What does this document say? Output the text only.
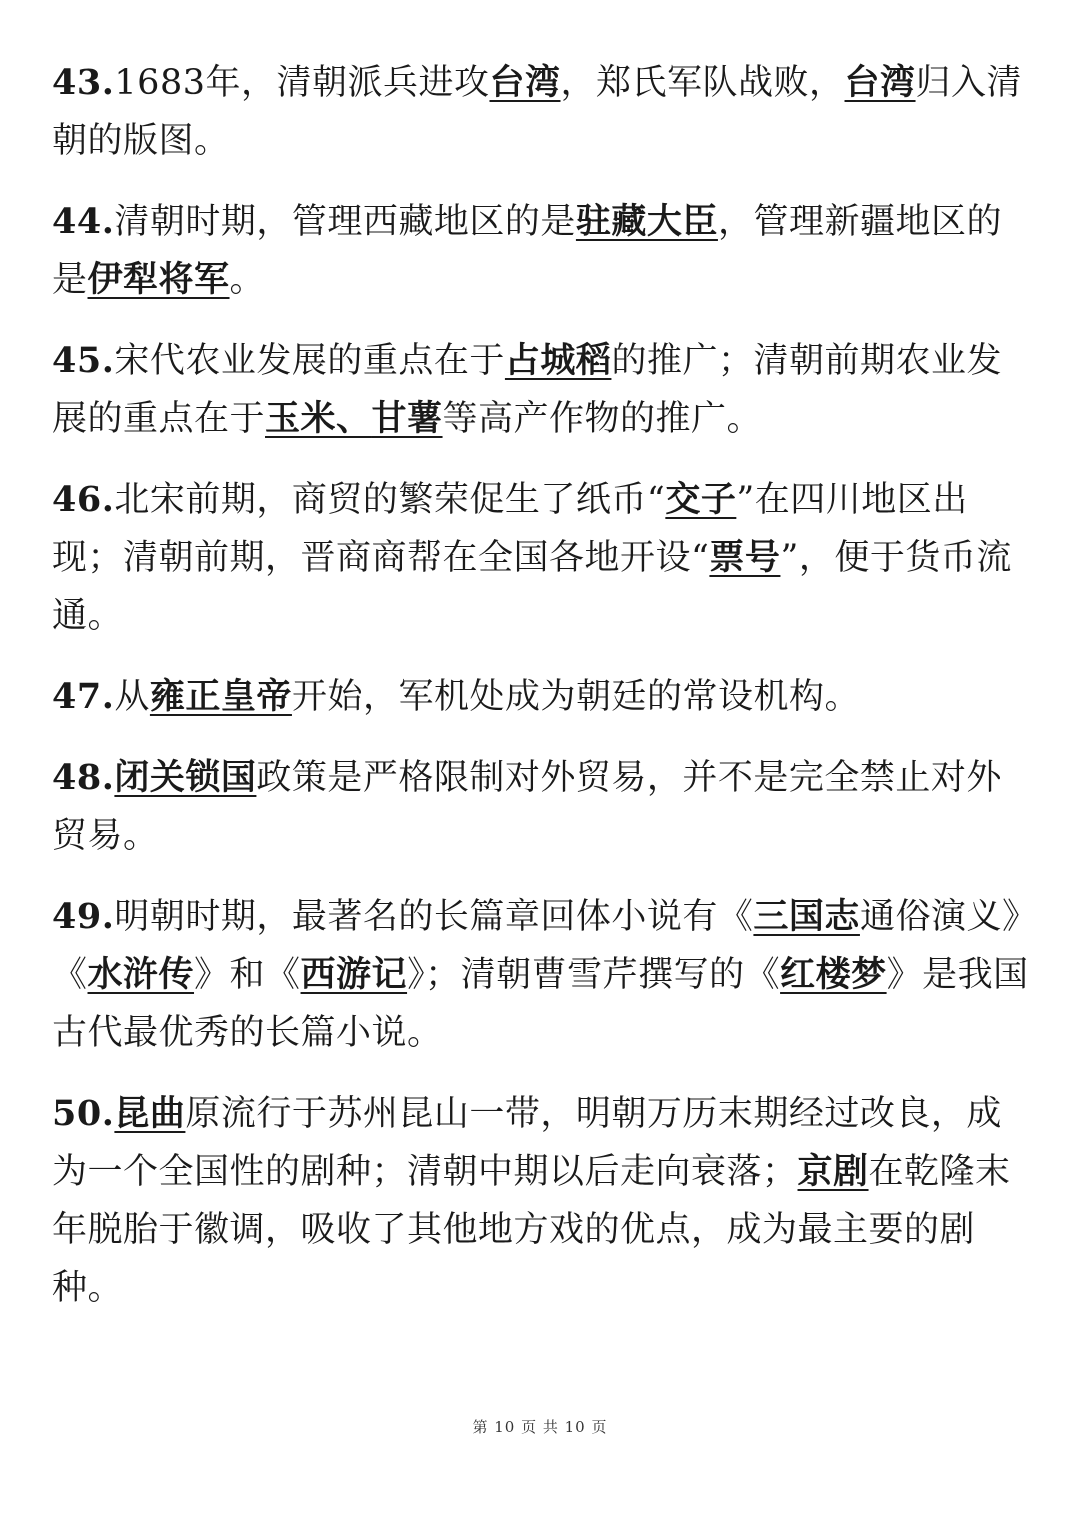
43.1683年，清朝派兵进攻台湾，郑氏军队战败，台湾归入清朝的版图。

44.清朝时期，管理西藏地区的是驻藏大臣，管理新疆地区的是伊犁将军。

45.宋代农业发展的重点在于占城稻的推广；清朝前期农业发展的重点在于玉米、甘薯等高产作物的推广。

46.北宋前期，商贸的繁荣促生了纸币“交子”在四川地区出现；清朝前期，晋商商帮在全国各地开设“票号”，便于货币流通。

47.从雍正皇帝开始，军机处成为朝廷的常设机构。

48.闭关锁国政策是严格限制对外贸易，并不是完全禁止对外贸易。

49.明朝时期，最著名的长篇章回体小说有《三国志通俗演义》《水浒传》和《西游记》；清朝曹雪芹撰写的《红楼梦》是我国古代最优秀的长篇小说。

50.昆曲原流行于苏州昆山一带，明朝万历末期经过改良，成为一个全国性的剧种；清朝中期以后走向衰落；京剧在乾隆末年脱胎于徽调，吸收了其他地方戏的优点，成为最主要的剧种。

第 10 页 共 10 页
